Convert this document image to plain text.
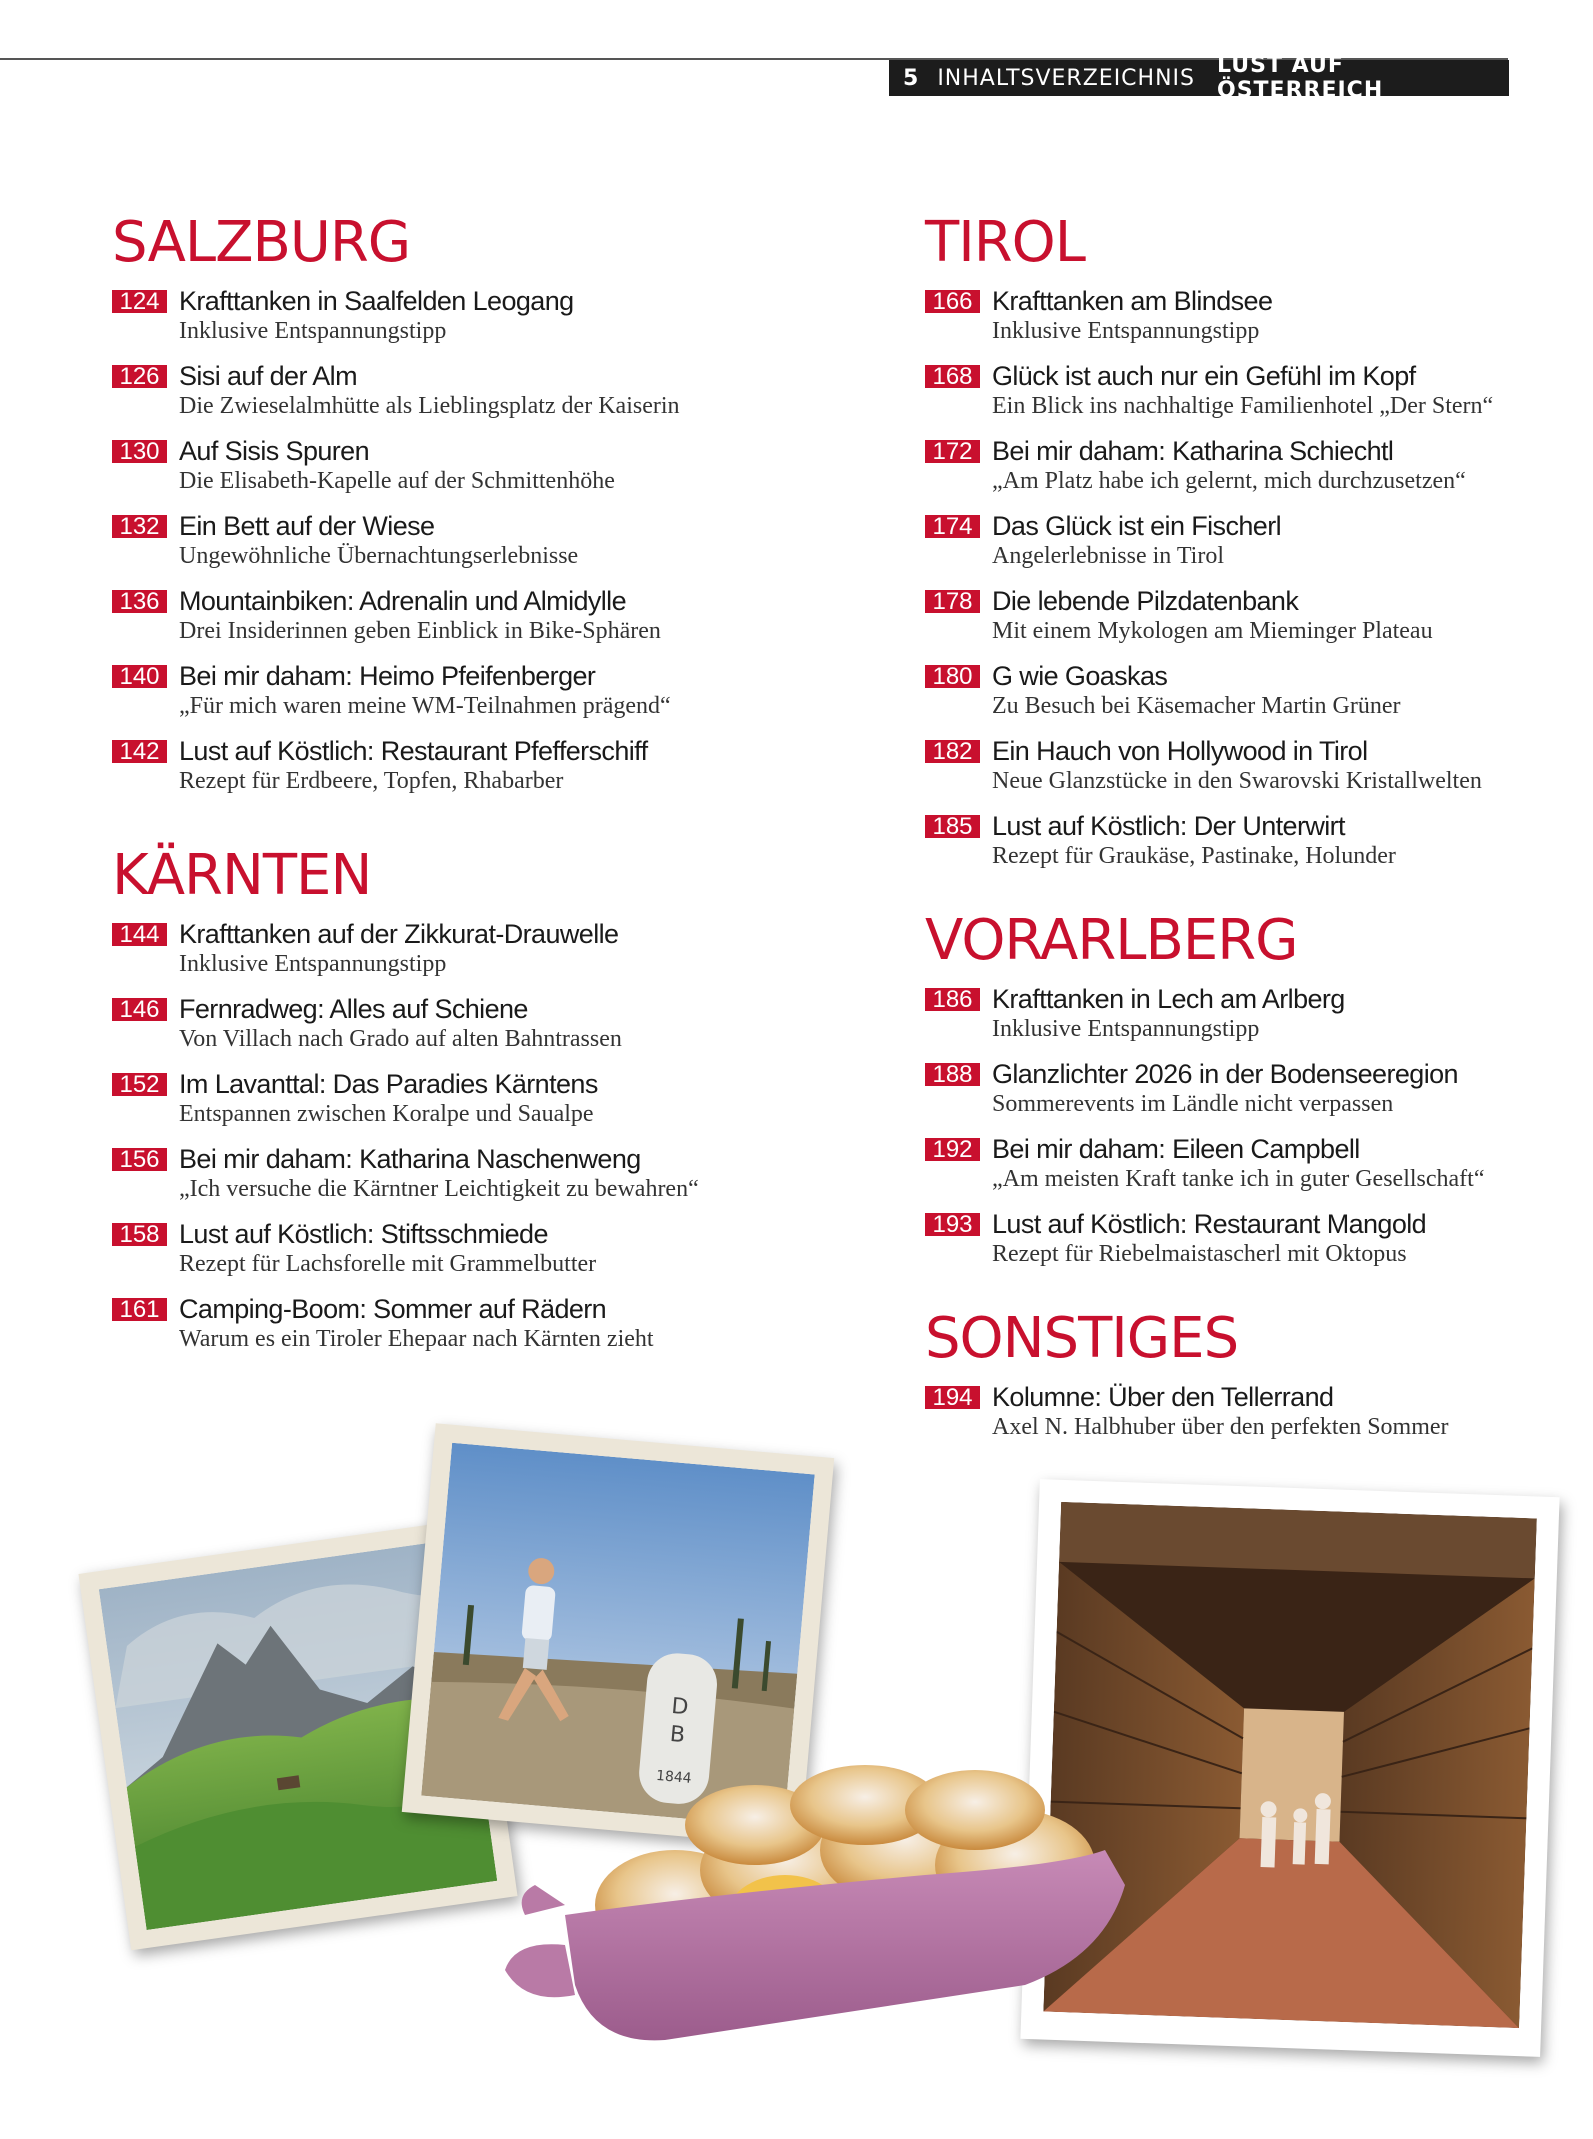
5 INHALTSVERZEICHNIS LUST AUF ÖSTERREICH
SALZBURG
124 Krafttanken in Saalfelden Leogang
Inklusive Entspannungstipp
126 Sisi auf der Alm
Die Zwieselalmhütte als Lieblingsplatz der Kaiserin
130 Auf Sisis Spuren
Die Elisabeth-Kapelle auf der Schmittenhöhe
132 Ein Bett auf der Wiese
Ungewöhnliche Übernachtungserlebnisse
136 Mountainbiken: Adrenalin und Almidylle
Drei Insiderinnen geben Einblick in Bike-Sphären
140 Bei mir daham: Heimo Pfeifenberger
„Für mich waren meine WM-Teilnahmen prägend“
142 Lust auf Köstlich: Restaurant Pfefferschiff
Rezept für Erdbeere, Topfen, Rhabarber
KÄRNTEN
144 Krafttanken auf der Zikkurat-Drauwelle
Inklusive Entspannungstipp
146 Fernradweg: Alles auf Schiene
Von Villach nach Grado auf alten Bahntrassen
152 Im Lavanttal: Das Paradies Kärntens
Entspannen zwischen Koralpe und Saualpe
156 Bei mir daham: Katharina Naschenweng
„Ich versuche die Kärntner Leichtigkeit zu bewahren“
158 Lust auf Köstlich: Stiftsschmiede
Rezept für Lachsforelle mit Grammelbutter
161 Camping-Boom: Sommer auf Rädern
Warum es ein Tiroler Ehepaar nach Kärnten zieht
TIROL
166 Krafttanken am Blindsee
Inklusive Entspannungstipp
168 Glück ist auch nur ein Gefühl im Kopf
Ein Blick ins nachhaltige Familienhotel „Der Stern“
172 Bei mir daham: Katharina Schiechtl
„Am Platz habe ich gelernt, mich durchzusetzen“
174 Das Glück ist ein Fischerl
Angelerlebnisse in Tirol
178 Die lebende Pilzdatenbank
Mit einem Mykologen am Mieminger Plateau
180 G wie Goaskas
Zu Besuch bei Käsemacher Martin Grüner
182 Ein Hauch von Hollywood in Tirol
Neue Glanzstücke in den Swarovski Kristallwelten
185 Lust auf Köstlich: Der Unterwirt
Rezept für Graukäse, Pastinake, Holunder
VORARLBERG
186 Krafttanken in Lech am Arlberg
Inklusive Entspannungstipp
188 Glanzlichter 2026 in der Bodenseeregion
Sommerevents im Ländle nicht verpassen
192 Bei mir daham: Eileen Campbell
„Am meisten Kraft tanke ich in guter Gesellschaft“
193 Lust auf Köstlich: Restaurant Mangold
Rezept für Riebelmaistascherl mit Oktopus
SONSTIGES
194 Kolumne: Über den Tellerrand
Axel N. Halbhuber über den perfekten Sommer
D
B
1844
